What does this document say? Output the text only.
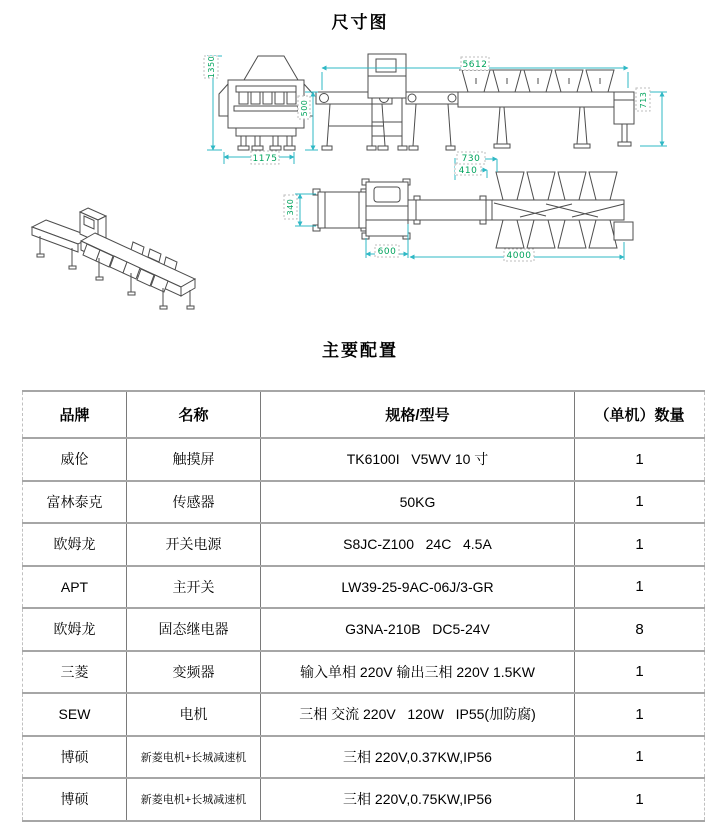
尺寸图
1350
1175
500
5612
713
340
730
410
600	4000
主要配置
品牌	名称	规格/型号	（单机）数量
威伦	触摸屏	TK6100I   V5WV 10 寸	1
富林泰克	传感器	50KG	1
欧姆龙	开关电源	S8JC-Z100   24C   4.5A	1
APT	主开关	LW39-25-9AC-06J/3-GR	1
欧姆龙	固态继电器	G3NA-210B   DC5-24V	8
三菱	变频器	输入单相 220V 输出三相 220V 1.5KW	1
SEW	电机	三相 交流 220V   120W   IP55(加防腐)	1
博硕	新菱电机+长城减速机	三相 220V,0.37KW,IP56	1
博硕	新菱电机+长城减速机	三相 220V,0.75KW,IP56	1
